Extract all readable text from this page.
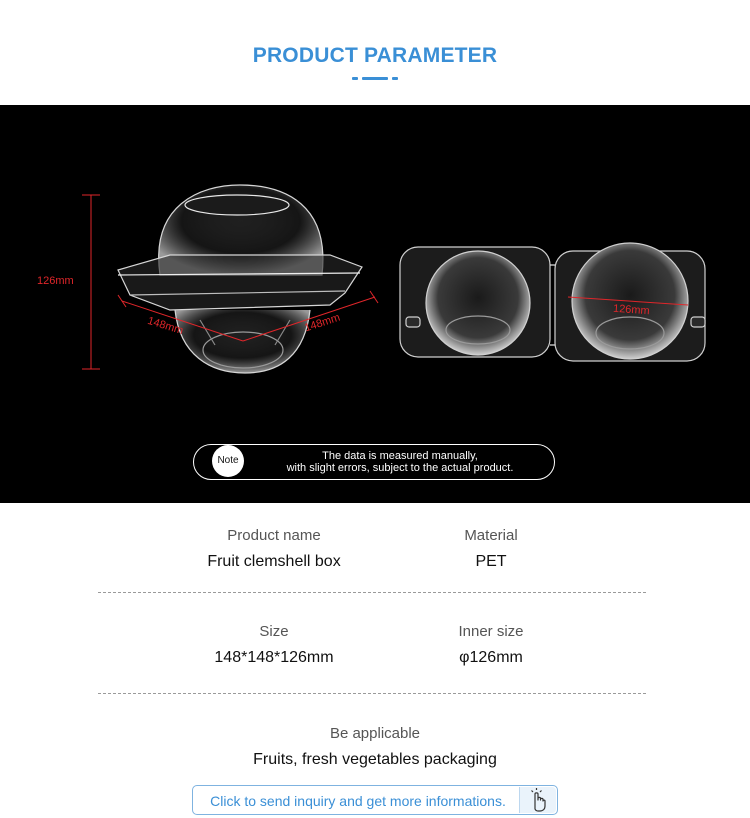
PRODUCT PARAMETER
126mm
148mm	148mm
126mm
Note	The data is measured manually,
with slight errors, subject to the actual product.
Product name
Fruit clemshell box
Material
PET
Size
148*148*126mm
Inner size
φ126mm
Be applicable
Fruits, fresh vegetables packaging
Click to send inquiry and get more informations.
